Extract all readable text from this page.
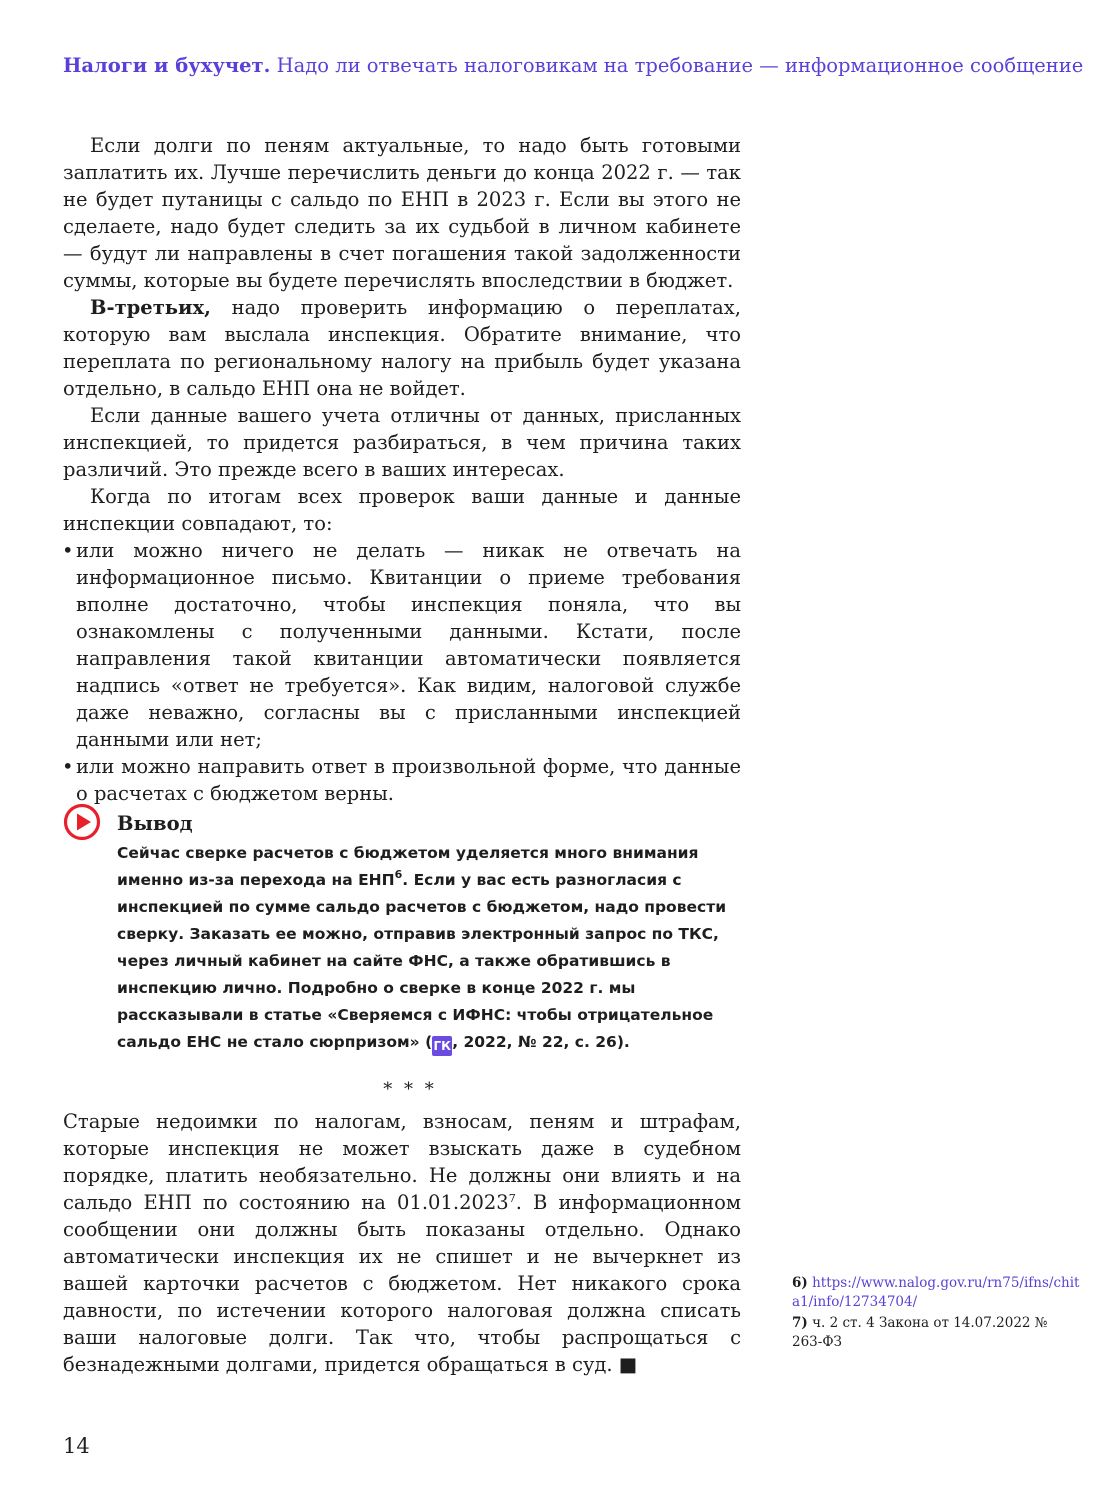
Налоги и бухучет. Надо ли отвечать налоговикам на требование — информационное сообщение

Если долги по пеням актуальные, то надо быть готовыми заплатить их. Лучше перечислить деньги до конца 2022 г. — так не будет путаницы с сальдо по ЕНП в 2023 г. Если вы этого не сделаете, надо будет следить за их судьбой в личном кабинете — будут ли направлены в счет погашения такой задолженности суммы, которые вы будете перечислять впоследствии в бюджет.

В-третьих, надо проверить информацию о переплатах, которую вам выслала инспекция. Обратите внимание, что переплата по региональному налогу на прибыль будет указана отдельно, в сальдо ЕНП она не войдет.

Если данные вашего учета отличны от данных, присланных инспекцией, то придется разбираться, в чем причина таких различий. Это прежде всего в ваших интересах.

Когда по итогам всех проверок ваши данные и данные инспекции совпадают, то:

• или можно ничего не делать — никак не отвечать на информационное письмо. Квитанции о приеме требования вполне достаточно, чтобы инспекция поняла, что вы ознакомлены с полученными данными. Кстати, после направления такой квитанции автоматически появляется надпись «ответ не требуется». Как видим, налоговой службе даже неважно, согласны вы с присланными инспекцией данными или нет;
• или можно направить ответ в произвольной форме, что данные о расчетах с бюджетом верны.
Вывод
Сейчас сверке расчетов с бюджетом уделяется много внимания именно из-за перехода на ЕНП$^6$. Если у вас есть разногласия с инспекцией по сумме сальдо расчетов с бюджетом, надо провести сверку. Заказать ее можно, отправив электронный запрос по ТКС, через личный кабинет на сайте ФНС, а также обратившись в инспекцию лично. Подробно о сверке в конце 2022 г. мы рассказывали в статье «Сверяемся с ИФНС: чтобы отрицательное сальдо ЕНС не стало сюрпризом» (ГК, 2022, № 22, с. 26).
* * *

Старые недоимки по налогам, взносам, пеням и штрафам, которые инспекция не может взыскать даже в судебном порядке, платить необязательно. Не должны они влиять и на сальдо ЕНП по состоянию на 01.01.2023$^7$. В информационном сообщении они должны быть показаны отдельно. Однако автоматически инспекция их не спишет и не вычеркнет из вашей карточки расчетов с бюджетом. Нет никакого срока давности, по истечении которого налоговая должна списать ваши налоговые долги. Так что, чтобы распрощаться с безнадежными долгами, придется обращаться в суд. ■

6) https://www.nalog.gov.ru/rn75/ifns/chita1/info/12734704/
7) ч. 2 ст. 4 Закона от 14.07.2022 № 263-ФЗ
14
